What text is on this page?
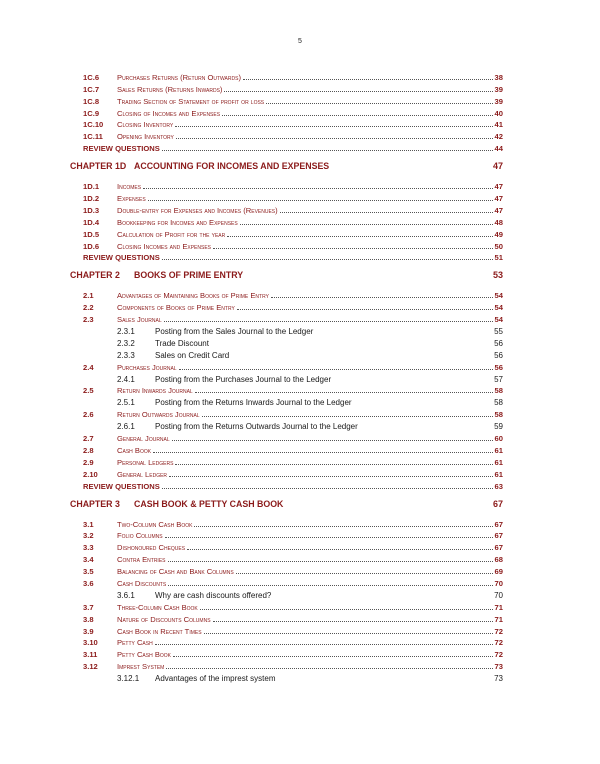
5
1C.6	Purchases Returns (Return Outwards)	38
1C.7	Sales Returns (Returns Inwards)	39
1C.8	Trading Section of Statement of profit or loss	39
1C.9	Closing of Incomes and Expenses	40
1C.10	Closing Inventory	41
1C.11	Opening Inventory	42
REVIEW QUESTIONS	44
CHAPTER 1D ACCOUNTING FOR INCOMES AND EXPENSES	47
1D.1	Incomes	47
1D.2	Expenses	47
1D.3	Double-entry for Expenses and Incomes (Revenues)	47
1D.4	Bookkeeping for Incomes and Expenses	48
1D.5	Calculation of Profit for the year	49
1D.6	Closing Incomes and Expenses	50
REVIEW QUESTIONS	51
CHAPTER 2	BOOKS OF PRIME ENTRY	53
2.1	Advantages of Maintaining Books of Prime Entry	54
2.2	Components of Books of Prime Entry	54
2.3	Sales Journal	54
2.3.1	Posting from the Sales Journal to the Ledger	55
2.3.2	Trade Discount	56
2.3.3	Sales on Credit Card	56
2.4	Purchases Journal	56
2.4.1	Posting from the Purchases Journal to the Ledger	57
2.5	Return Inwards Journal	58
2.5.1	Posting from the Returns Inwards Journal to the Ledger	58
2.6	Return Outwards Journal	58
2.6.1	Posting from the Returns Outwards Journal to the Ledger	59
2.7	General Journal	60
2.8	Cash Book	61
2.9	Personal Ledgers	61
2.10	General Ledger	61
REVIEW QUESTIONS	63
CHAPTER 3	CASH BOOK & PETTY CASH BOOK	67
3.1	Two-Column Cash Book	67
3.2	Folio Columns	67
3.3	Dishonoured Cheques	67
3.4	Contra Entries	68
3.5	Balancing of Cash and Bank Columns	69
3.6	Cash Discounts	70
3.6.1	Why are cash discounts offered?	70
3.7	Three-Column Cash Book	71
3.8	Nature of Discounts Columns	71
3.9	Cash Book in Recent Times	72
3.10	Petty Cash	72
3.11	Petty Cash Book	72
3.12	Imprest System	73
3.12.1	Advantages of the imprest system	73
